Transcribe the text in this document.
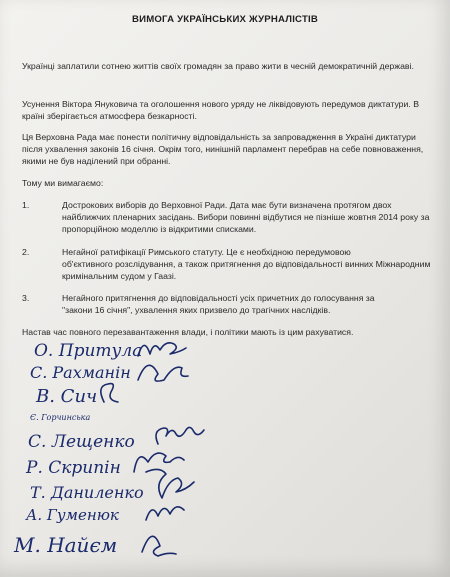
ВИМОГА УКРАЇНСЬКИХ ЖУРНАЛІСТІВ
Українці заплатили сотнею життів своїх громадян за право жити в чесній демократичній державі.
Усунення Віктора Януковича та оголошення нового уряду не ліквідовують передумов диктатури. В країні зберігається атмосфера безкарності.
Ця Верховна Рада має понести політичну відповідальність за запровадження в Україні диктатури після ухвалення законів 16 січня. Окрім того, нинішній парламент перебрав на себе повноваження, якими не був наділений при обранні.
Тому ми вимагаємо:
1.	Дострокових виборів до Верховної Ради. Дата має бути визначена протягом двох
найближчих пленарних засідань. Вибори повинні відбутися не пізніше жовтня 2014 року за пропорційною моделлю із відкритими списками.
2.	Негайної ратифікації Римського статуту. Це є необхідною передумовою
об'єктивного розслідування, а також притягнення до відповідальності винних Міжнародним кримінальним судом у Гаазі.
3.	Негайного притягнення до відповідальності усіх причетних до голосування за
"закони 16 січня", ухвалення яких призвело до трагічних наслідків.
Настав час повного перезавантаження влади, і політики мають із цим рахуватися.
О. Притула
С. Рахманін
В. Сич
Є. Горчинська
С. Лещенко
Р. Скрипін
Т. Даниленко
А. Гуменюк
М. Найєм
